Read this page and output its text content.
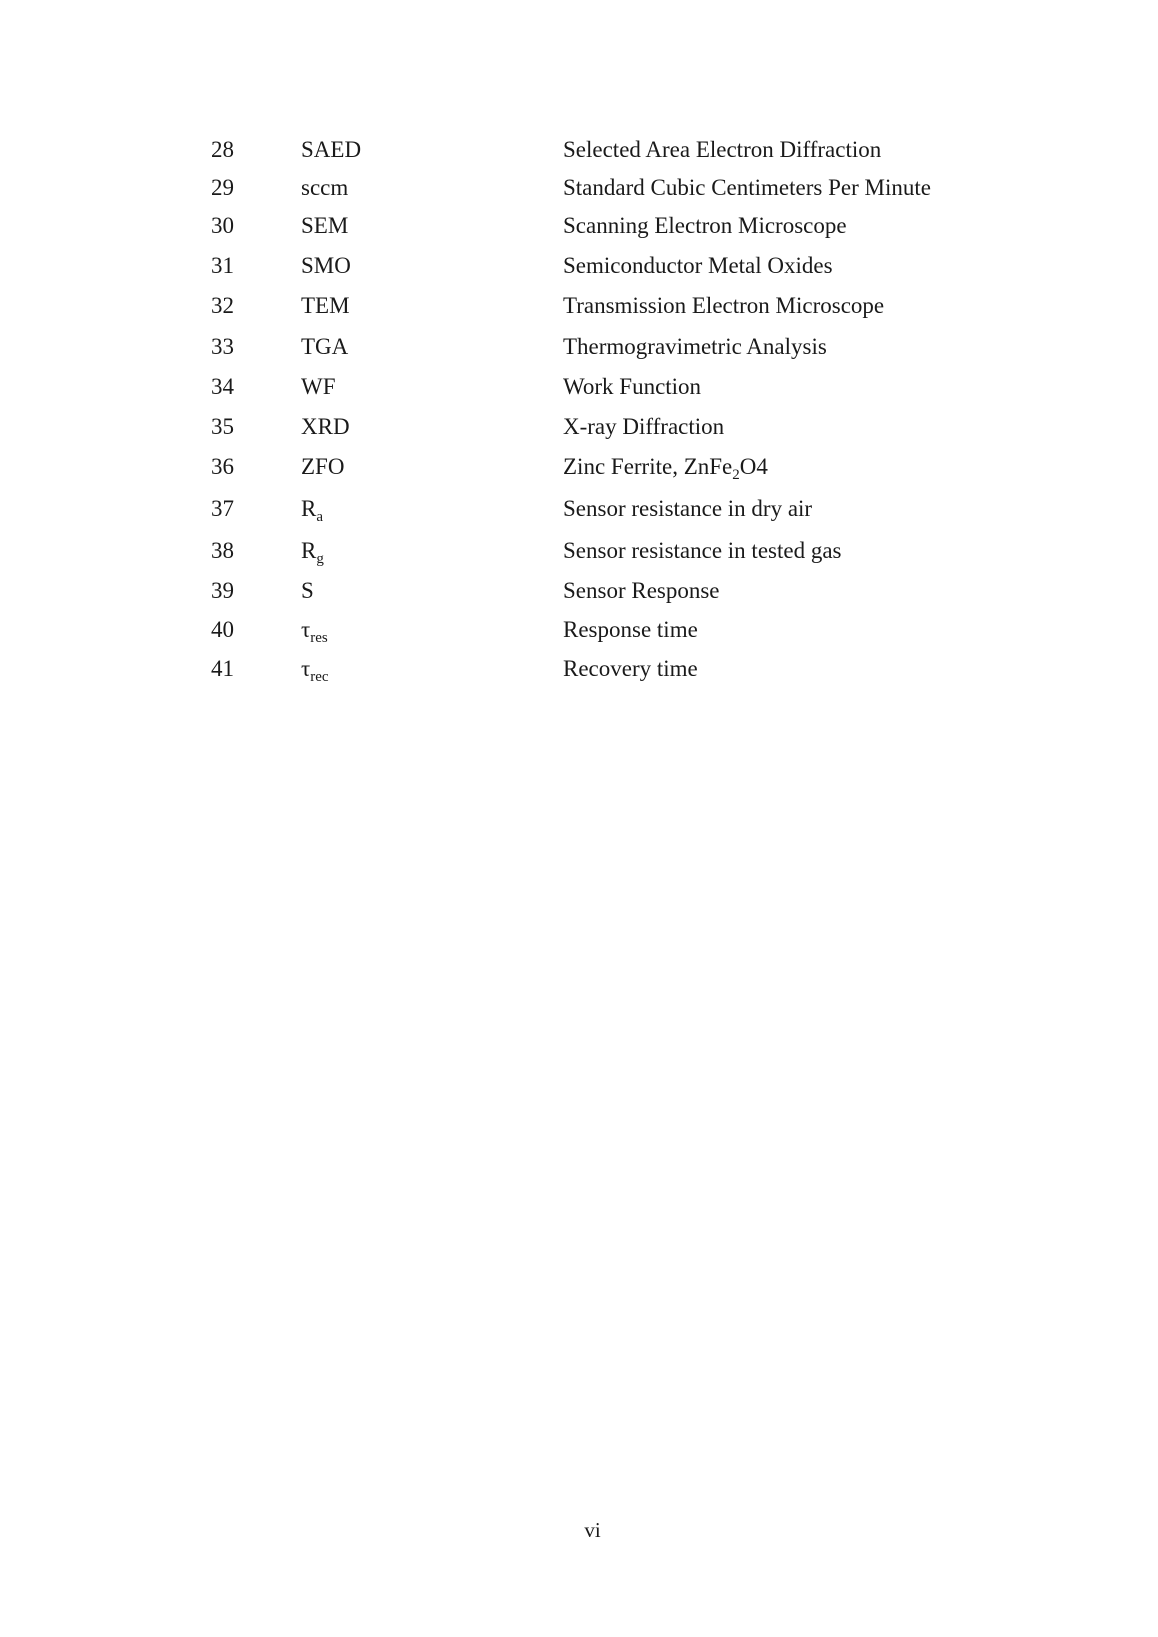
28	SAED	Selected Area Electron Diffraction
29	sccm	Standard Cubic Centimeters Per Minute
30	SEM	Scanning Electron Microscope
31	SMO	Semiconductor Metal Oxides
32	TEM	Transmission Electron Microscope
33	TGA	Thermogravimetric Analysis
34	WF	Work Function
35	XRD	X-ray Diffraction
36	ZFO	Zinc Ferrite, ZnFe$_2$O4
37	$R_a$	Sensor resistance in dry air
38	$R_g$	Sensor resistance in tested gas
39	S	Sensor Response
40	$\tau_{res}$	Response time
41	$\tau_{rec}$	Recovery time
vi
